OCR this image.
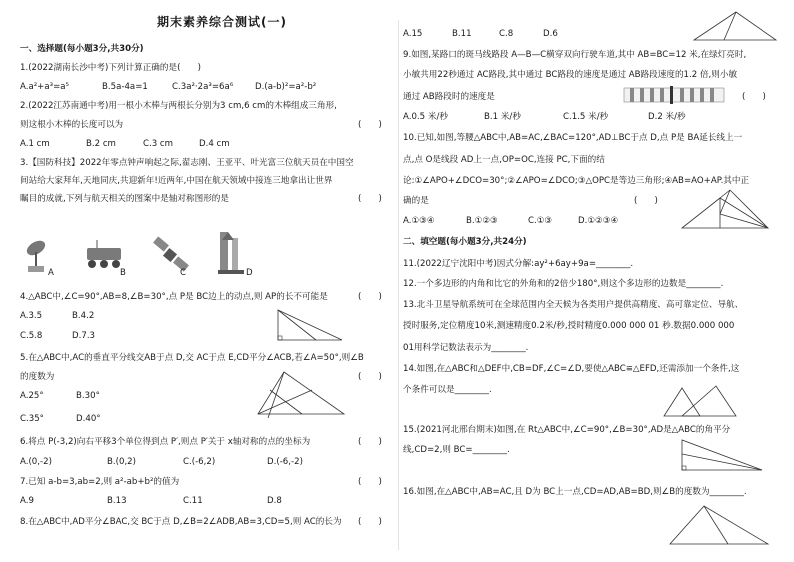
期末素养综合测试(一)
一、选择题(每小题3分,共30分)
1.(2022湖南长沙中考)下列计算正确的是(　　)
A.a²+a³=a⁵	B.5a-4a=1	C.3a²·2a³=6a⁶	D.(a-b)²=a²-b²
2.(2022江苏南通中考)用一根小木棒与两根长分别为3 cm,6 cm的木棒组成三角形,
则这根小木棒的长度可以为	(　　)
A.1 cm	B.2 cm	C.3 cm	D.4 cm
3.【国防科技】2022年零点钟声响起之际,翟志刚、王亚平、叶光富三位航天员在中国空
间站给大家拜年,天地同庆,共迎新年!近两年,中国在航天领域中接连三地拿出让世界
瞩目的成就,下列与航天相关的图案中是轴对称图形的是	(　　)
A	B	C	D
4.△ABC中,∠C=90°,AB=8,∠B=30°,点 P是 BC边上的动点,则 AP的长不可能是	(　　)
A.3.5	B.4.2
C.5.8	D.7.3
5.在△ABC中,AC的垂直平分线交AB于点 D,交 AC于点 E,CD平分∠ACB,若∠A=50°,则∠B
的度数为	(　　)
A.25°	B.30°
C.35°	D.40°
6.将点 P(-3,2)向右平移3个单位得到点 P′,则点 P′关于 x轴对称的点的坐标为	(　　)
A.(0,-2)	B.(0,2)	C.(-6,2)	D.(-6,-2)
7.已知 a-b=3,ab=2,则 a²-ab+b²的值为	(　　)
A.9	B.13	C.11	D.8
8.在△ABC中,AD平分∠BAC,交 BC于点 D,∠B=2∠ADB,AB=3,CD=5,则 AC的长为 (　　)
A.15	B.11	C.8	D.6
9.如图,某路口的斑马线路段 A—B—C横穿双向行驶车道,其中 AB=BC=12 米,在绿灯亮时,
小敏共用22秒通过 AC路段,其中通过 BC路段的速度是通过 AB路段速度的1.2 倍,则小敏
通过 AB路段时的速度是	(　　)
A.0.5 米/秒	B.1 米/秒	C.1.5 米/秒	D.2 米/秒
10.已知,如图,等腰△ABC中,AB=AC,∠BAC=120°,AD⊥BC于点 D,点 P是 BA延长线上一
点,点 O是线段 AD上一点,OP=OC,连接 PC,下面的结
论:①∠APO+∠DCO=30°;②∠APO=∠DCO;③△OPC是等边三角形;④AB=AO+AP.其中正
确的是	(　　)
A.①③④	B.①②③	C.①③	D.①②③④
二、填空题(每小题3分,共24分)
11.(2022辽宁沈阳中考)因式分解:ay²+6ay+9a=________.
12.一个多边形的内角和比它的外角和的2倍少180°,则这个多边形的边数是________.
13.北斗卫星导航系统可在全球范围内全天候为各类用户提供高精度、高可靠定位、导航、
授时服务,定位精度10米,测速精度0.2米/秒,授时精度0.000 000 01 秒.数据0.000 000
01用科学记数法表示为________.
14.如图,在△ABC和△DEF中,CB=DF,∠C=∠D,要使△ABC≌△EFD,还需添加一个条件,这
个条件可以是________.
15.(2021河北邢台期末)如图,在 Rt△ABC中,∠C=90°,∠B=30°,AD是△ABC的角平分
线,CD=2,则 BC=________.
16.如图,在△ABC中,AB=AC,且 D为 BC上一点,CD=AD,AB=BD,则∠B的度数为________.
